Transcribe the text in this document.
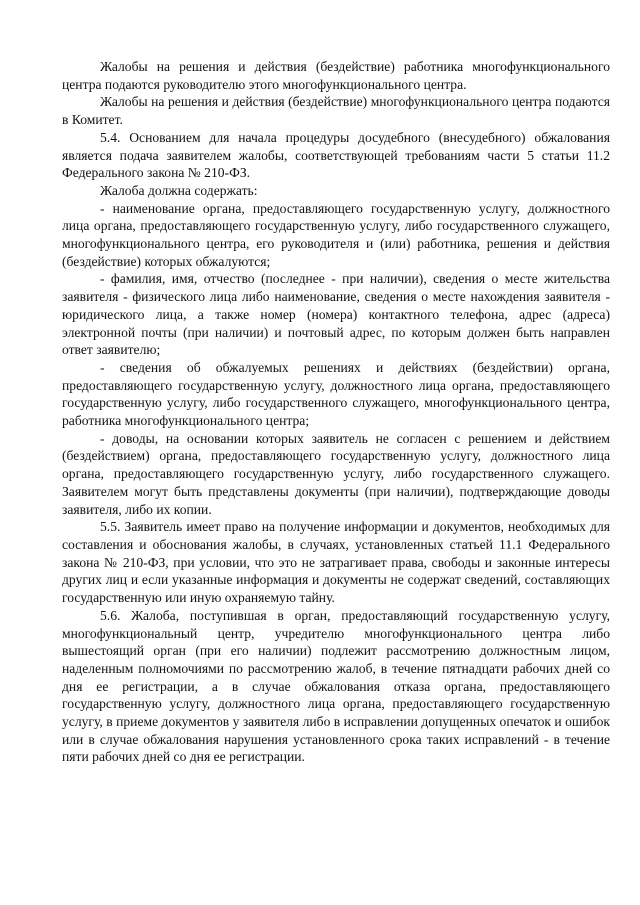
Жалобы на решения и действия (бездействие) работника многофункционального центра подаются руководителю этого многофункционального центра.

Жалобы на решения и действия (бездействие) многофункционального центра подаются в Комитет.

5.4. Основанием для начала процедуры досудебного (внесудебного) обжалования является подача заявителем жалобы, соответствующей требованиям части 5 статьи 11.2 Федерального закона № 210-ФЗ.

Жалоба должна содержать:

- наименование органа, предоставляющего государственную услугу, должностного лица органа, предоставляющего государственную услугу, либо государственного служащего, многофункционального центра, его руководителя и (или) работника, решения и действия (бездействие) которых обжалуются;

- фамилия, имя, отчество (последнее - при наличии), сведения о месте жительства заявителя - физического лица либо наименование, сведения о месте нахождения заявителя - юридического лица, а также номер (номера) контактного телефона, адрес (адреса) электронной почты (при наличии) и почтовый адрес, по которым должен быть направлен ответ заявителю;

- сведения об обжалуемых решениях и действиях (бездействии) органа, предоставляющего государственную услугу, должностного лица органа, предоставляющего государственную услугу, либо государственного служащего, многофункционального центра, работника многофункционального центра;

- доводы, на основании которых заявитель не согласен с решением и действием (бездействием) органа, предоставляющего государственную услугу, должностного лица органа, предоставляющего государственную услугу, либо государственного служащего. Заявителем могут быть представлены документы (при наличии), подтверждающие доводы заявителя, либо их копии.

5.5. Заявитель имеет право на получение информации и документов, необходимых для составления и обоснования жалобы, в случаях, установленных статьей 11.1 Федерального закона № 210-ФЗ, при условии, что это не затрагивает права, свободы и законные интересы других лиц и если указанные информация и документы не содержат сведений, составляющих государственную или иную охраняемую тайну.

5.6. Жалоба, поступившая в орган, предоставляющий государственную услугу, многофункциональный центр, учредителю многофункционального центра либо вышестоящий орган (при его наличии) подлежит рассмотрению должностным лицом, наделенным полномочиями по рассмотрению жалоб, в течение пятнадцати рабочих дней со дня ее регистрации, а в случае обжалования отказа органа, предоставляющего государственную услугу, должностного лица органа, предоставляющего государственную услугу, в приеме документов у заявителя либо в исправлении допущенных опечаток и ошибок или в случае обжалования нарушения установленного срока таких исправлений - в течение пяти рабочих дней со дня ее регистрации.
